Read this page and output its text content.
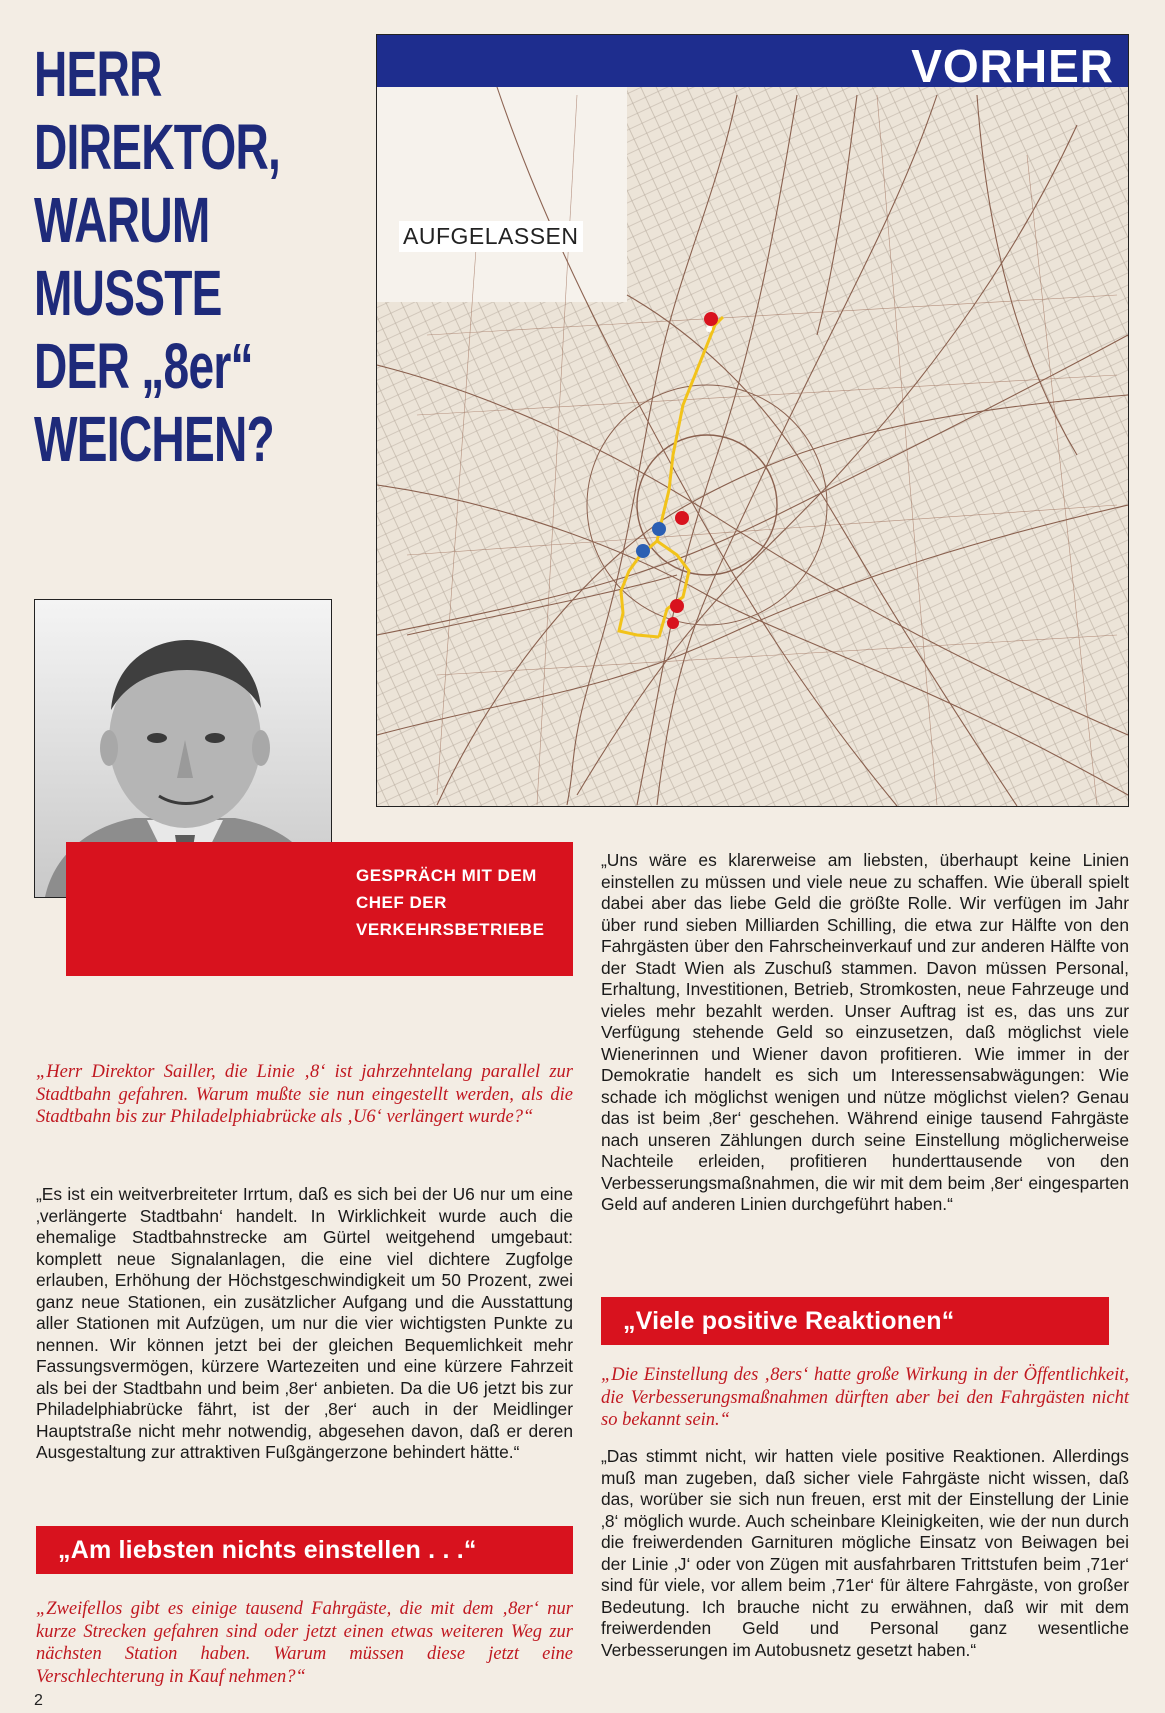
HERR
DIREKTOR,
WARUM
MUSSTE
DER „8er“
WEICHEN?
VORHER
AUFGELASSEN
GESPRÄCH MIT DEM CHEF DER VERKEHRSBETRIEBE
„Herr Direktor Sailler, die Linie ‚8‘ ist jahrzehntelang parallel zur Stadtbahn gefahren. Warum mußte sie nun eingestellt werden, als die Stadtbahn bis zur Philadelphiabrücke als ‚U6‘ verlängert wurde?“
„Es ist ein weitverbreiteter Irrtum, daß es sich bei der U6 nur um eine ‚verlängerte Stadtbahn‘ handelt. In Wirklichkeit wurde auch die ehemalige Stadtbahnstrecke am Gürtel weitgehend umgebaut: komplett neue Signalanlagen, die eine viel dichtere Zugfolge erlauben, Erhöhung der Höchstgeschwindigkeit um 50 Prozent, zwei ganz neue Stationen, ein zusätzlicher Aufgang und die Ausstattung aller Stationen mit Aufzügen, um nur die vier wichtigsten Punkte zu nennen. Wir können jetzt bei der gleichen Bequemlichkeit mehr Fassungsvermögen, kürzere Wartezeiten und eine kürzere Fahrzeit als bei der Stadtbahn und beim ‚8er‘ anbieten. Da die U6 jetzt bis zur Philadelphiabrücke fährt, ist der ‚8er‘ auch in der Meidlinger Hauptstraße nicht mehr notwendig, abgesehen davon, daß er deren Ausgestaltung zur attraktiven Fußgängerzone behindert hätte.“
„Am liebsten nichts einstellen . . .“
„Zweifellos gibt es einige tausend Fahrgäste, die mit dem ‚8er‘ nur kurze Strecken gefahren sind oder jetzt einen etwas weiteren Weg zur nächsten Station haben. Warum müssen diese jetzt eine Verschlechterung in Kauf nehmen?“
„Uns wäre es klarerweise am liebsten, überhaupt keine Linien einstellen zu müssen und viele neue zu schaffen. Wie überall spielt dabei aber das liebe Geld die größte Rolle. Wir verfügen im Jahr über rund sieben Milliarden Schilling, die etwa zur Hälfte von den Fahrgästen über den Fahrscheinverkauf und zur anderen Hälfte von der Stadt Wien als Zuschuß stammen. Davon müssen Personal, Erhaltung, Investitionen, Betrieb, Stromkosten, neue Fahrzeuge und vieles mehr bezahlt werden. Unser Auftrag ist es, das uns zur Verfügung stehende Geld so einzusetzen, daß möglichst viele Wienerinnen und Wiener davon profitieren. Wie immer in der Demokratie handelt es sich um Interessensabwägungen: Wie schade ich möglichst wenigen und nütze möglichst vielen? Genau das ist beim ‚8er‘ geschehen. Während einige tausend Fahrgäste nach unseren Zählungen durch seine Einstellung möglicherweise Nachteile erleiden, profitieren hunderttausende von den Verbesserungsmaßnahmen, die wir mit dem beim ‚8er‘ eingesparten Geld auf anderen Linien durchgeführt haben.“
„Viele positive Reaktionen“
„Die Einstellung des ‚8ers‘ hatte große Wirkung in der Öffentlichkeit, die Verbesserungsmaßnahmen dürften aber bei den Fahrgästen nicht so bekannt sein.“
„Das stimmt nicht, wir hatten viele positive Reaktionen. Allerdings muß man zugeben, daß sicher viele Fahrgäste nicht wissen, daß das, worüber sie sich nun freuen, erst mit der Einstellung der Linie ‚8‘ möglich wurde. Auch scheinbare Kleinigkeiten, wie der nun durch die freiwerdenden Garnituren mögliche Einsatz von Beiwagen bei der Linie ‚J‘ oder von Zügen mit ausfahrbaren Trittstufen beim ‚71er‘ sind für viele, vor allem beim ‚71er‘ für ältere Fahrgäste, von großer Bedeutung. Ich brauche nicht zu erwähnen, daß wir mit dem freiwerdenden Geld und Personal ganz wesentliche Verbesserungen im Autobusnetz gesetzt haben.“
2
